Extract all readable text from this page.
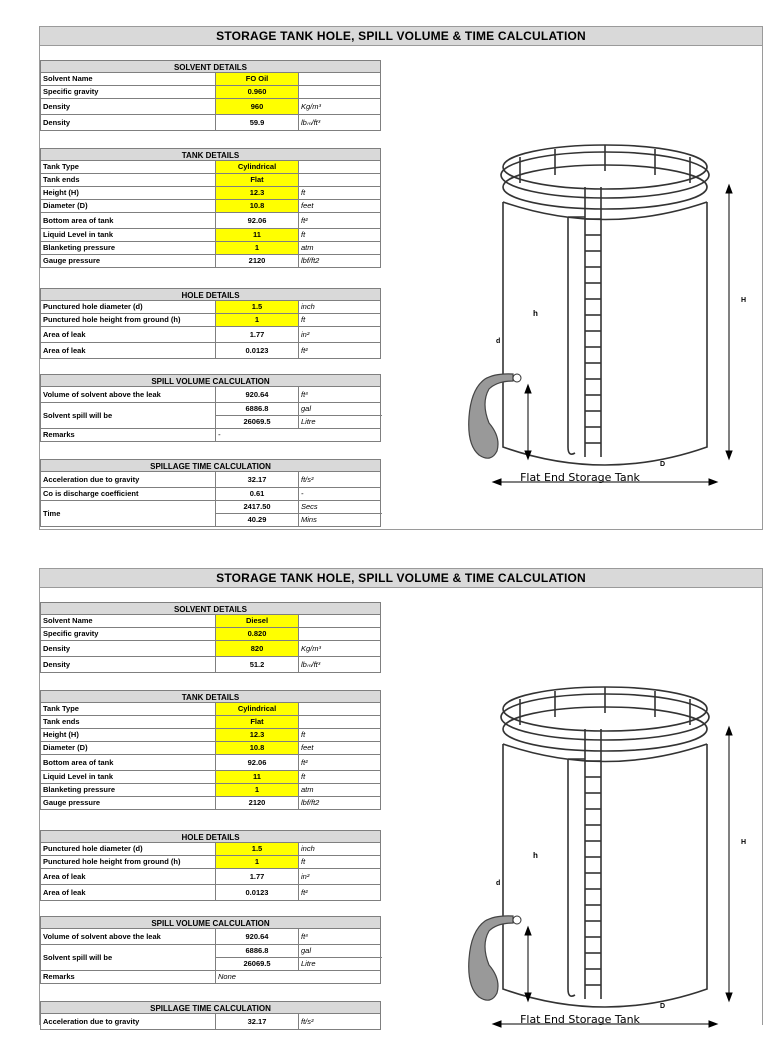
STORAGE TANK HOLE, SPILL VOLUME & TIME CALCULATION
SOLVENT DETAILS
Solvent Name	FO Oil
Specific gravity	0.960
Density	960	Kg/m³
Density	59.9	lbₘ/ft³
TANK DETAILS
Tank Type	Cylindrical
Tank ends	Flat
Height (H)	12.3	ft
Diameter (D)	10.8	feet
Bottom area of tank	92.06	ft²
Liquid Level in tank	11	ft
Blanketing pressure	1	atm
Gauge pressure	2120	lbf/ft2
HOLE DETAILS
Punctured hole diameter (d)	1.5	inch
Punctured hole height from ground (h)	1	ft
Area of leak	1.77	in²
Area of leak	0.0123	ft²
SPILL VOLUME CALCULATION
Volume of solvent above the leak	920.64	ft³
Solvent spill will be
6886.8	gal
26069.5	Litre
Remarks	-
SPILLAGE TIME CALCULATION
Acceleration due to gravity	32.17	ft/s²
Co is discharge coefficient	0.61	-
Time
2417.50	Secs
40.29	Mins
H
h
d
D
Flat End Storage Tank
STORAGE TANK HOLE, SPILL VOLUME & TIME CALCULATION
SOLVENT DETAILS
Solvent Name	Diesel
Specific gravity	0.820
Density	820	Kg/m³
Density	51.2	lbₘ/ft³
TANK DETAILS
Tank Type	Cylindrical
Tank ends	Flat
Height (H)	12.3	ft
Diameter (D)	10.8	feet
Bottom area of tank	92.06	ft²
Liquid Level in tank	11	ft
Blanketing pressure	1	atm
Gauge pressure	2120	lbf/ft2
HOLE DETAILS
Punctured hole diameter (d)	1.5	inch
Punctured hole height from ground (h)	1	ft
Area of leak	1.77	in²
Area of leak	0.0123	ft²
SPILL VOLUME CALCULATION
Volume of solvent above the leak	920.64	ft³
Solvent spill will be
6886.8	gal
26069.5	Litre
Remarks	None
SPILLAGE TIME CALCULATION
Acceleration due to gravity	32.17	ft/s²
H
h
d
D
Flat End Storage Tank
